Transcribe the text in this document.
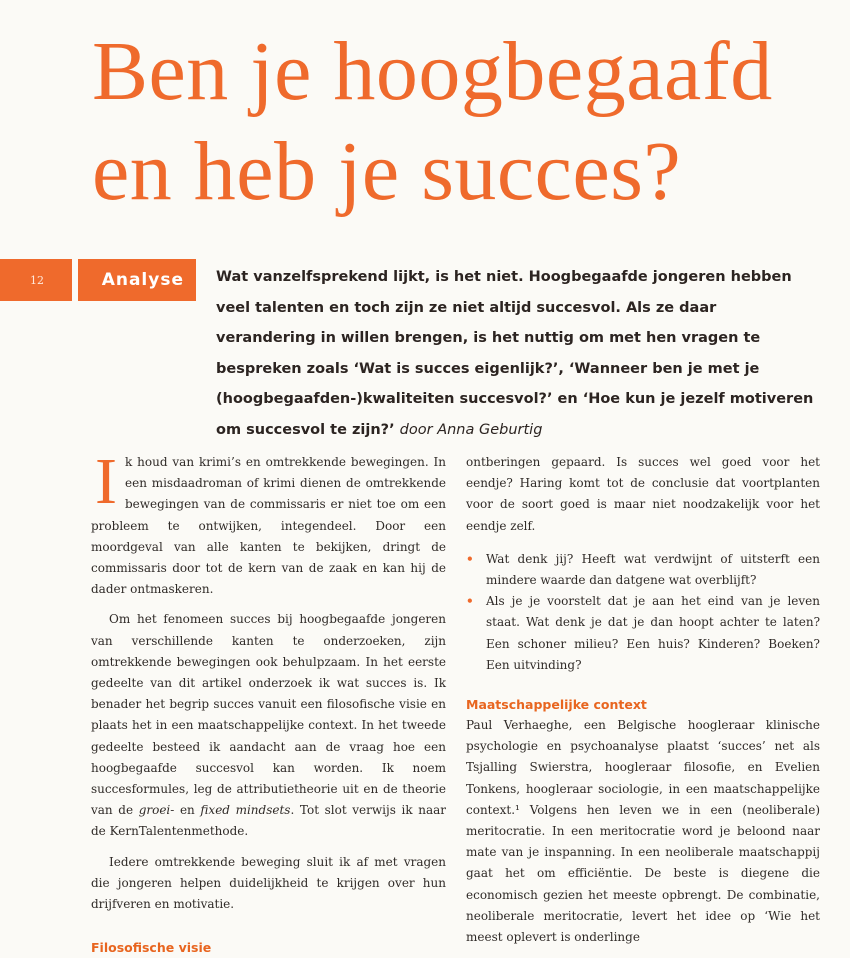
Ben je hoogbegaafd
en heb je succes?
12	Analyse	Wat vanzelfsprekend lijkt, is het niet. Hoogbegaafde jongeren hebben veel talenten en toch zijn ze niet altijd succesvol. Als ze daar verandering in willen brengen, is het nuttig om met hen vragen te bespreken zoals ‘Wat is succes eigenlijk?’, ‘Wanneer ben je met je (hoogbegaafden-)kwaliteiten succesvol?’ en ‘Hoe kun je jezelf motiveren om succesvol te zijn?’ door Anna Geburtig

Ik houd van krimi’s en omtrekkende bewegingen. In een misdaadroman of krimi dienen de omtrekkende bewegingen van de commissaris er niet toe om een probleem te ontwijken, integendeel. Door een moordgeval van alle kanten te bekijken, dringt de commissaris door tot de kern van de zaak en kan hij de dader ontmaskeren.

Om het fenomeen succes bij hoogbegaafde jongeren van verschillende kanten te onderzoeken, zijn omtrekkende bewegingen ook behulpzaam. In het eerste gedeelte van dit artikel onderzoek ik wat succes is. Ik benader het begrip succes vanuit een filosofische visie en plaats het in een maatschappelijke context. In het tweede gedeelte besteed ik aandacht aan de vraag hoe een hoogbegaafde succesvol kan worden. Ik noem succesformules, leg de attributietheorie uit en de theorie van de groei- en fixed mindsets. Tot slot verwijs ik naar de KernTalentenmethode.

Iedere omtrekkende beweging sluit ik af met vragen die jongeren helpen duidelijkheid te krijgen over hun drijfveren en motivatie.

Filosofische visie

ontberingen gepaard. Is succes wel goed voor het eendje? Haring komt tot de conclusie dat voortplanten voor de soort goed is maar niet noodzakelijk voor het eendje zelf.

• Wat denk jij? Heeft wat verdwijnt of uitsterft een mindere waarde dan datgene wat overblijft?
• Als je je voorstelt dat je aan het eind van je leven staat. Wat denk je dat je dan hoopt achter te laten? Een schoner milieu? Een huis? Kinderen? Boeken? Een uitvinding?
Maatschappelijke context

Paul Verhaeghe, een Belgische hoogleraar klinische psychologie en psychoanalyse plaatst ‘succes’ net als Tsjalling Swierstra, hoogleraar filosofie, en Evelien Tonkens, hoogleraar sociologie, in een maatschappelijke context.¹ Volgens hen leven we in een (neoliberale) meritocratie. In een meritocratie word je beloond naar mate van je inspanning. In een neoliberale maatschappij gaat het om efficiëntie. De beste is diegene die economisch gezien het meeste opbrengt. De combinatie, neoliberale meritocratie, levert het idee op ‘Wie het meest oplevert is onderlinge
